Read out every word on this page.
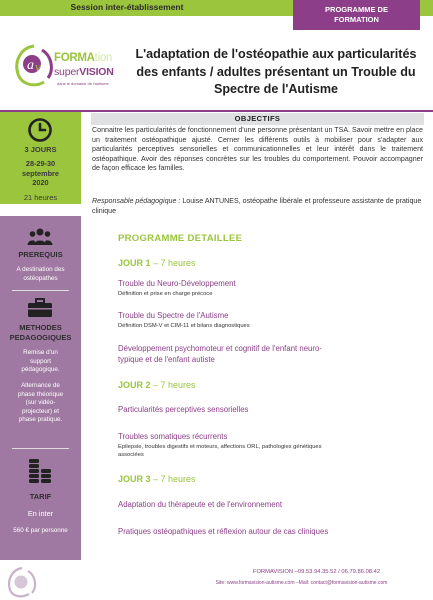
Session inter-établissement	PROGRAMME DE
FORMATION
a v
FORMAtion
superVISION
dans le domaine de l'autisme
L'adaptation de l'ostéopathie aux particularités
des enfants / adultes présentant un Trouble du
Spectre de l'Autisme
3 JOURS
28-29-30
septembre
2020
21 heures
PREREQUIS
A destination des
ostéopathes
METHODES
PEDAGOGIQUES
Remise d'un
support
pédagogique.
Alternance de
phase théorique
(sur vidéo-
projecteur) et
phase pratique.
TARIF
En inter
560 € par personne
OBJECTIFS
Connaitre les particularités de fonctionnement d'une personne présentant un TSA. Savoir mettre en place un traitement ostéopathique ajusté. Cerner les différents outils à mobiliser pour s'adapter aux particularités perceptives sensorielles et communicationnelles et leur intérêt dans le traitement ostéopathique. Avoir des réponses concrètes sur les troubles du comportement. Pouvoir accompagner de façon efficace les familles.
Responsable pédagogique : Louise ANTUNES, ostéopathe libérale et professeure assistante de pratique clinique
PROGRAMME DETAILLEE
JOUR 1 – 7 heures
Trouble du Neuro-Développement
Définition et prise en charge précoce
Trouble du Spectre de l'Autisme
Définition DSM-V et CIM-11 et bilans diagnostiques
Développement psychomoteur et cognitif de l'enfant neuro-
typique et de l'enfant autiste
JOUR 2 – 7 heures
Particularités perceptives sensorielles
Troubles somatiques récurrents
Epilepsie, troubles digestifs et moteurs, affections ORL, pathologies génétiques
associées
JOUR 3 – 7 heures
Adaptation du thérapeute et de l'environnement
Pratiques ostéopathiques et réflexion autour de cas cliniques
FORMAVISION –09.53.94.35.52 / 06.79.86.08.42
Site: www.formavision-autisme.com –Mail: contact@formavision-autisme.com
